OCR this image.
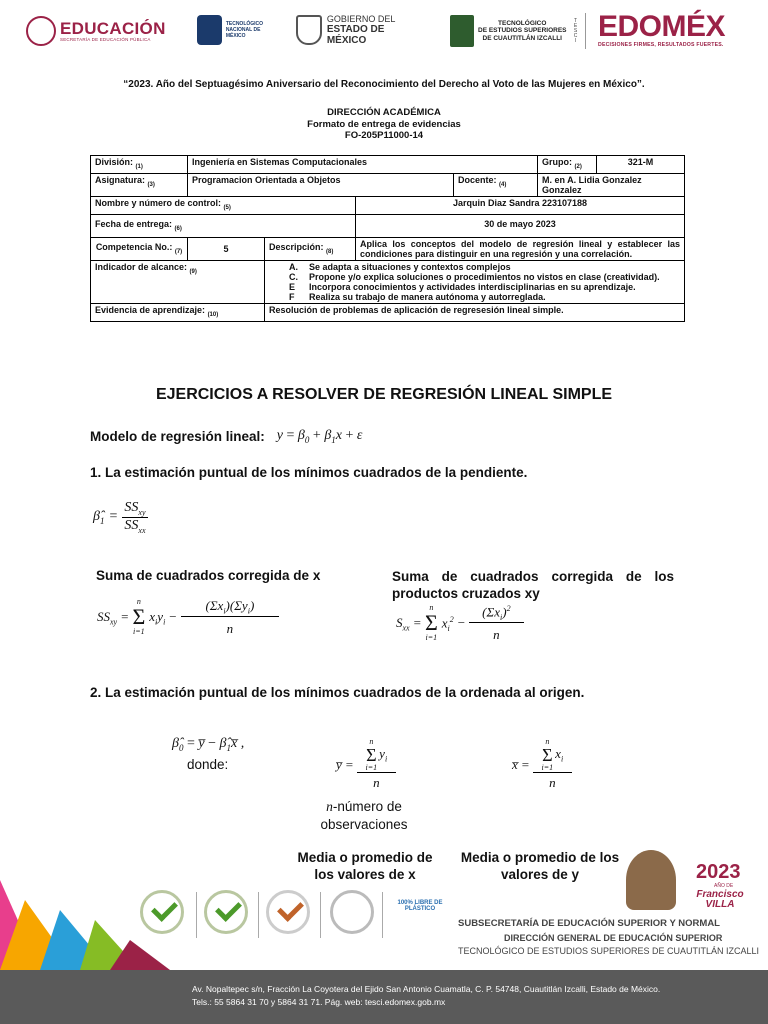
EDUCACIÓN
SECRETARÍA DE EDUCACIÓN PÚBLICA
TECNOLÓGICO
NACIONAL DE MÉXICO
GOBIERNO DEL
ESTADO DE MÉXICO
TECNOLÓGICO
DE ESTUDIOS SUPERIORES
DE CUAUTITLÁN IZCALLI
T E S C I EDOMÉX
DECISIONES FIRMES, RESULTADOS FUERTES.
“2023. Año del Septuagésimo Aniversario del Reconocimiento del Derecho al Voto de las Mujeres en México”.
DIRECCIÓN ACADÉMICA
Formato de entrega de evidencias
FO-205P11000-14
División: $_{(1)}$	Ingeniería en Sistemas Computacionales				Grupo: $_{(2)}$	321-M
Asignatura: $_{(3)}$	Programacion Orientada a Objetos			Docente: $_{(4)}$	M. en A. Lidia Gonzalez Gonzalez	
Nombre y número de control: $_{(5)}$			Jarquin Diaz Sandra 223107188			
Fecha de entrega: $_{(6)}$			30 de mayo 2023			
Competencia No.: $_{(7)}$	5	Descripción: $_{(8)}$	Aplica los conceptos del modelo de regresión lineal y establecer las condiciones para distinguir en una regresión y una correlación.			
Indicador de alcance: $_{(9)}$		A. Se adapta a situaciones y contextos complejos
C. Propone y/o explica soluciones o procedimientos no vistos en clase (creatividad).
E Incorpora conocimientos y actividades interdisciplinarias en su aprendizaje.
F Realiza su trabajo de manera autónoma y autorreglada.				

Evidencia de aprendizaje: $_{(10)}$		Resolución de problemas de aplicación de regresesión lineal simple.				
EJERCICIOS A RESOLVER DE REGRESIÓN LINEAL SIMPLE
Modelo de regresión lineal: $y = \beta_0 + \beta_1x + \varepsilon$
1. La estimación puntual de los mínimos cuadrados de la pendiente.
$\betâ_1 = \frac{SS_{xy}}{SS_{xx}}$
Suma de cuadrados corregida de x	Suma de cuadrados corregida de los productos cruzados xy
$SS_{xy}$ =
n
Σ
i=1
$x_iy_i - \frac{(\Sigma x_i)(\Sigma y_i)}{n}$	$S_{xx}$ =
n
Σ
i=1
$x_i^2 - \frac{(\Sigma x_i)^2}{n}$
2. La estimación puntual de los mínimos cuadrados de la ordenada al origen.
$\betâ_0$ = y̅ − $\betâ_1x̅$ ,
donde:	y̅ = n
Σ
i=1
$y_i$
n	x̅ = n
Σ
i=1
$x_i$
n
n-número de observaciones
Media o promedio de los valores de x
Media o promedio de los valores de y
100% LIBRE DE PLÁSTICO
2023
AÑO DE
Francisco VILLA
SUBSECRETARÍA DE EDUCACIÓN SUPERIOR Y NORMAL
DIRECCIÓN GENERAL DE EDUCACIÓN SUPERIOR
TECNOLÓGICO DE ESTUDIOS SUPERIORES DE CUAUTITLÁN IZCALLI
Av. Nopaltepec s/n, Fracción La Coyotera del Ejido San Antonio Cuamatla, C. P. 54748, Cuautitlán Izcalli, Estado de México.
Tels.: 55 5864 31 70 y 5864 31 71. Pág. web: tesci.edomex.gob.mx
